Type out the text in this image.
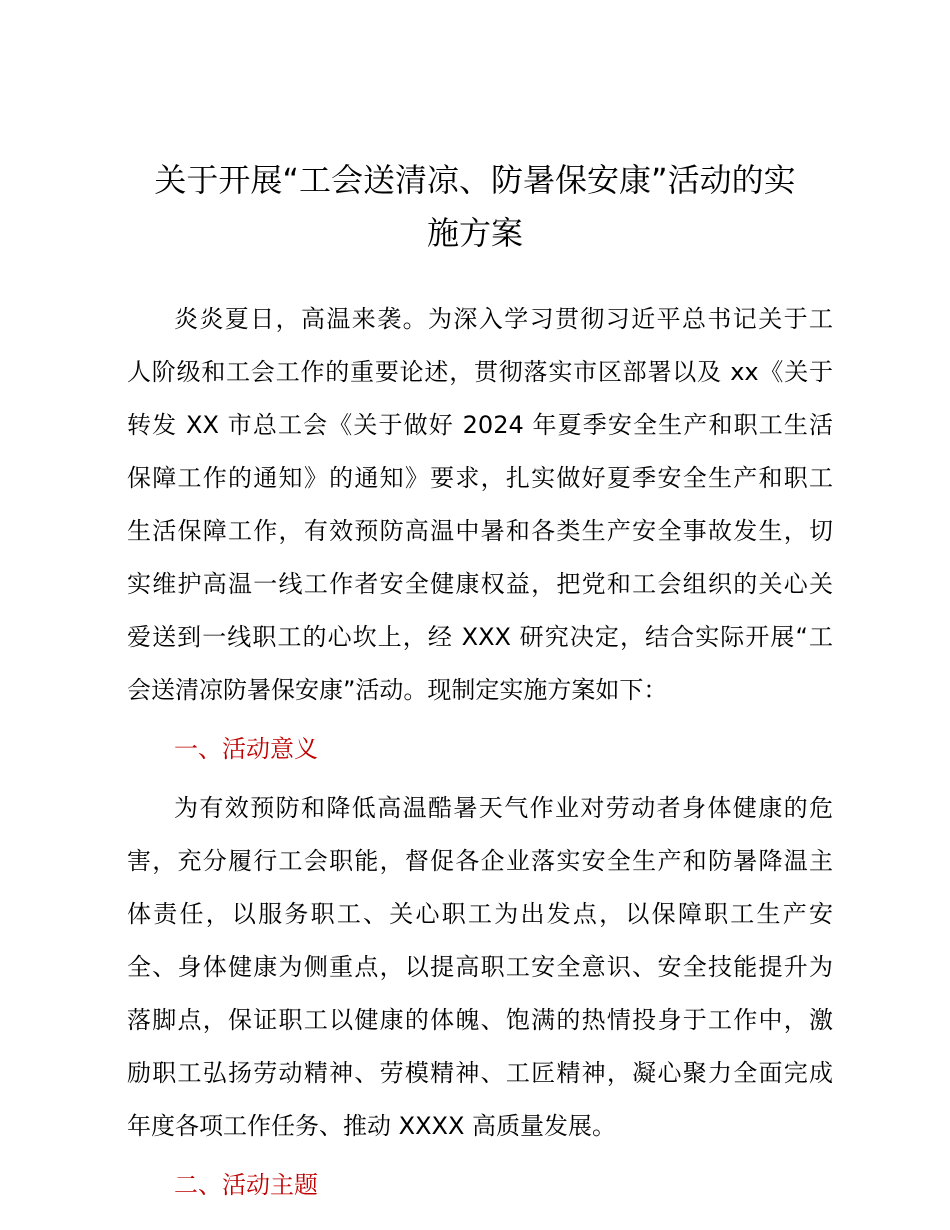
关于开展“工会送清凉、防暑保安康”活动的实
施方案

炎炎夏日，高温来袭。为深入学习贯彻习近平总书记关于工

人阶级和工会工作的重要论述，贯彻落实市区部署以及 xx《关于

转发 XX 市总工会《关于做好 2024 年夏季安全生产和职工生活

保障工作的通知》的通知》要求，扎实做好夏季安全生产和职工

生活保障工作，有效预防高温中暑和各类生产安全事故发生，切

实维护高温一线工作者安全健康权益，把党和工会组织的关心关

爱送到一线职工的心坎上，经 XXX 研究决定，结合实际开展“工

会送清凉防暑保安康”活动。现制定实施方案如下：

一、活动意义

为有效预防和降低高温酷暑天气作业对劳动者身体健康的危

害，充分履行工会职能，督促各企业落实安全生产和防暑降温主

体责任，以服务职工、关心职工为出发点，以保障职工生产安

全、身体健康为侧重点，以提高职工安全意识、安全技能提升为

落脚点，保证职工以健康的体魄、饱满的热情投身于工作中，激

励职工弘扬劳动精神、劳模精神、工匠精神，凝心聚力全面完成

年度各项工作任务、推动 XXXX 高质量发展。

二、活动主题
